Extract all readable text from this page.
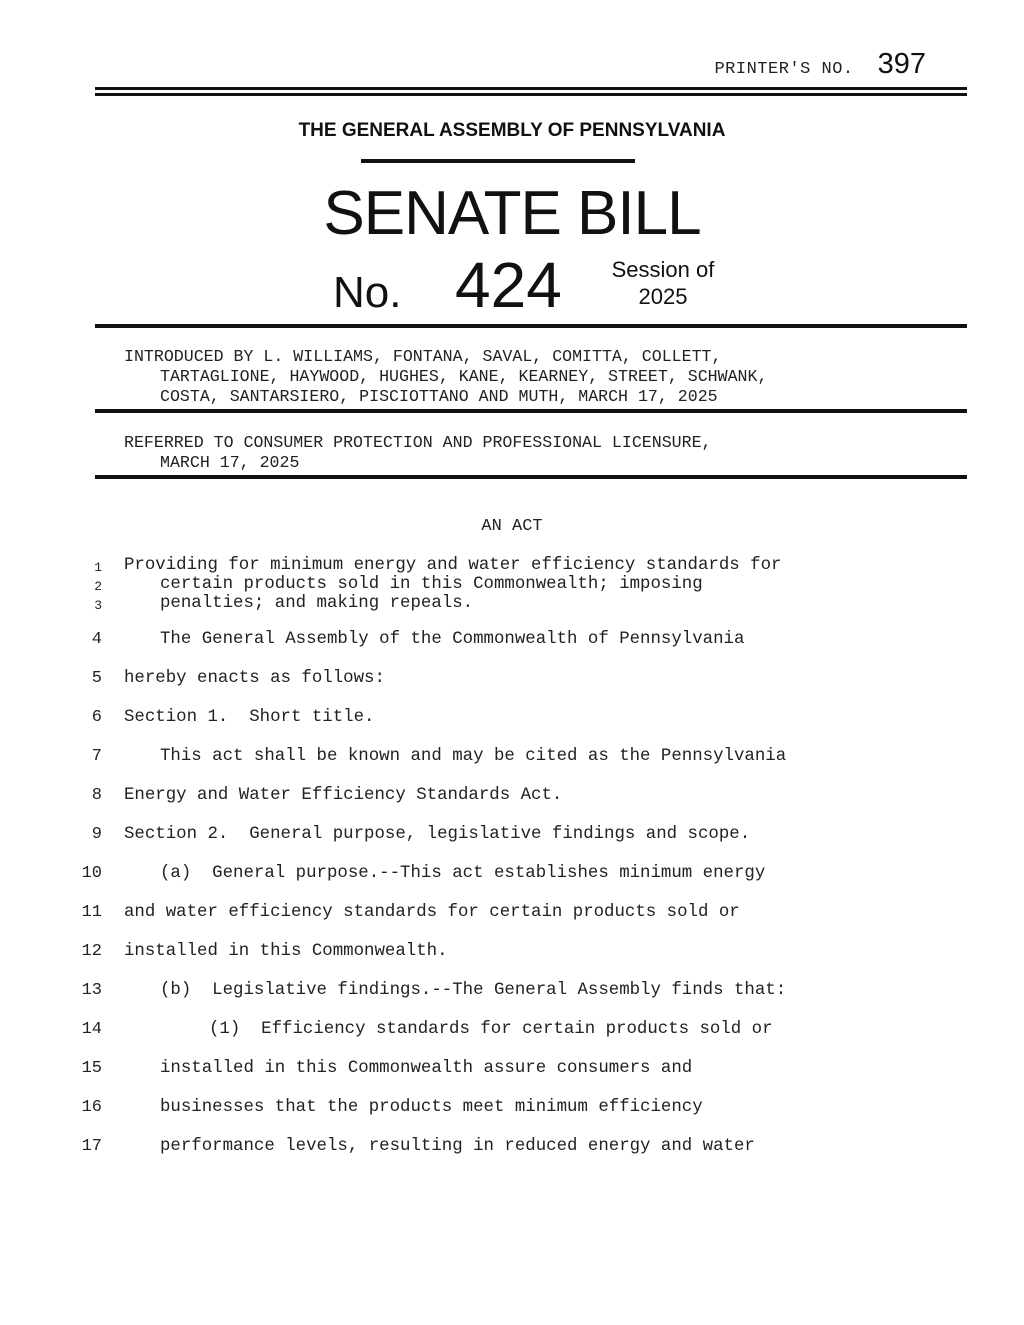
PRINTER'S NO. 397
THE GENERAL ASSEMBLY OF PENNSYLVANIA
SENATE BILL
No. 424	Session of
2025
INTRODUCED BY L. WILLIAMS, FONTANA, SAVAL, COMITTA, COLLETT,
TARTAGLIONE, HAYWOOD, HUGHES, KANE, KEARNEY, STREET, SCHWANK,
COSTA, SANTARSIERO, PISCIOTTANO AND MUTH, MARCH 17, 2025
REFERRED TO CONSUMER PROTECTION AND PROFESSIONAL LICENSURE,
MARCH 17, 2025
AN ACT
1 Providing for minimum energy and water efficiency standards for
2	certain products sold in this Commonwealth; imposing
3	penalties; and making repeals.
4	The General Assembly of the Commonwealth of Pennsylvania
5 hereby enacts as follows:
6 Section 1.  Short title.
7	This act shall be known and may be cited as the Pennsylvania
8 Energy and Water Efficiency Standards Act.
9 Section 2.  General purpose, legislative findings and scope.
10	(a)  General purpose.--This act establishes minimum energy
11 and water efficiency standards for certain products sold or
12 installed in this Commonwealth.
13	(b)  Legislative findings.--The General Assembly finds that:
14	(1)  Efficiency standards for certain products sold or
15	installed in this Commonwealth assure consumers and
16	businesses that the products meet minimum efficiency
17	performance levels, resulting in reduced energy and water
